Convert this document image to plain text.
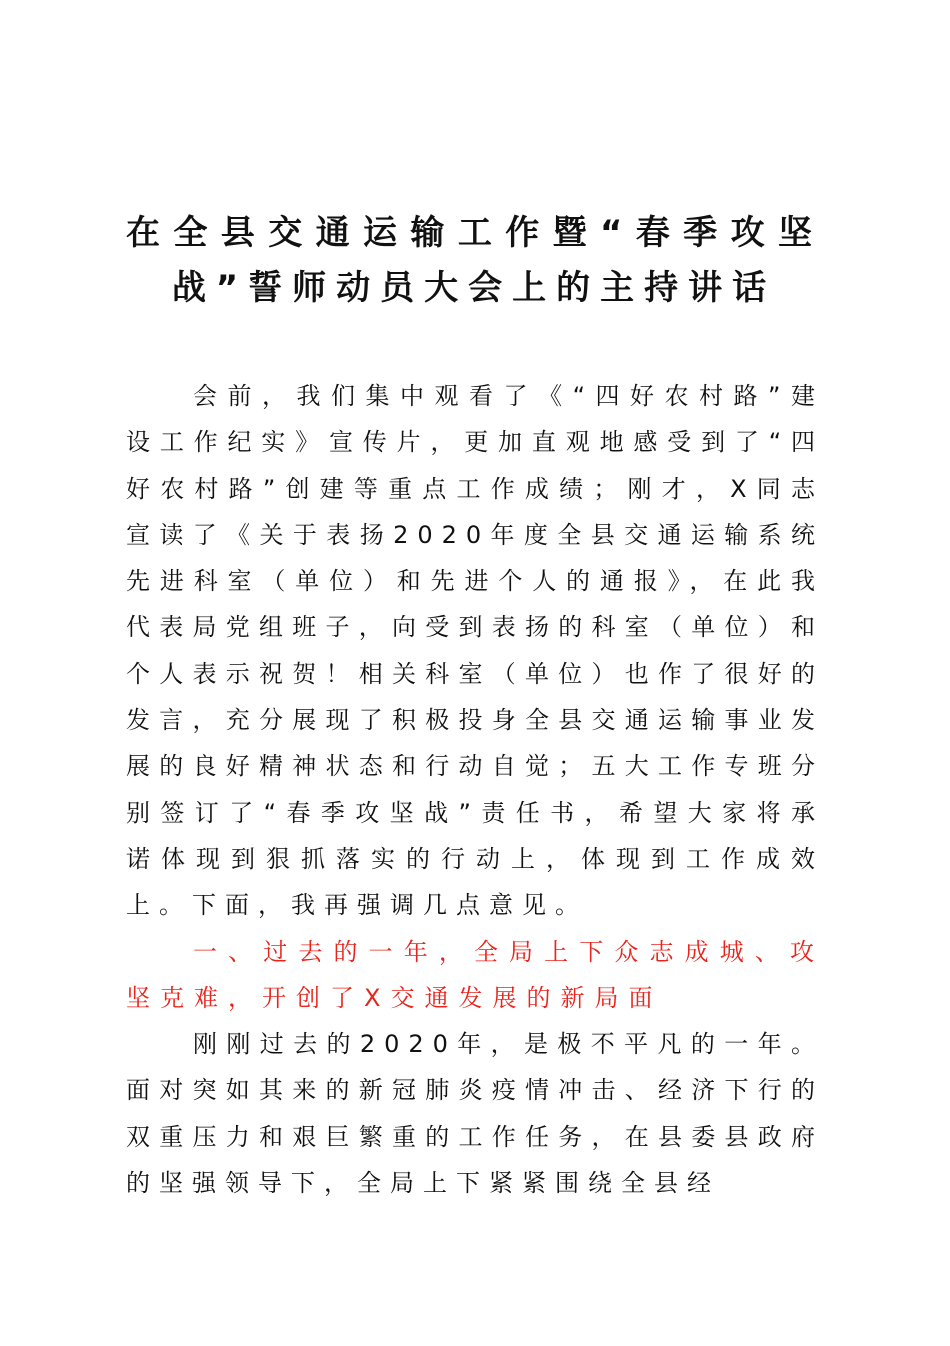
在全县交通运输工作暨“春季攻坚战”誓师动员大会上的主持讲话

会前，我们集中观看了《“四好农村路”建设工作纪实》宣传片，更加直观地感受到了“四好农村路”创建等重点工作成绩；刚才，X同志宣读了《关于表扬2020年度全县交通运输系统先进科室（单位）和先进个人的通报》，在此我代表局党组班子，向受到表扬的科室（单位）和个人表示祝贺！相关科室（单位）也作了很好的发言，充分展现了积极投身全县交通运输事业发展的良好精神状态和行动自觉；五大工作专班分别签订了“春季攻坚战”责任书，希望大家将承诺体现到狠抓落实的行动上，体现到工作成效上。下面，我再强调几点意见。

一、过去的一年，全局上下众志成城、攻坚克难，开创了X交通发展的新局面

刚刚过去的2020年，是极不平凡的一年。面对突如其来的新冠肺炎疫情冲击、经济下行的双重压力和艰巨繁重的工作任务，在县委县政府的坚强领导下，全局上下紧紧围绕全县经
